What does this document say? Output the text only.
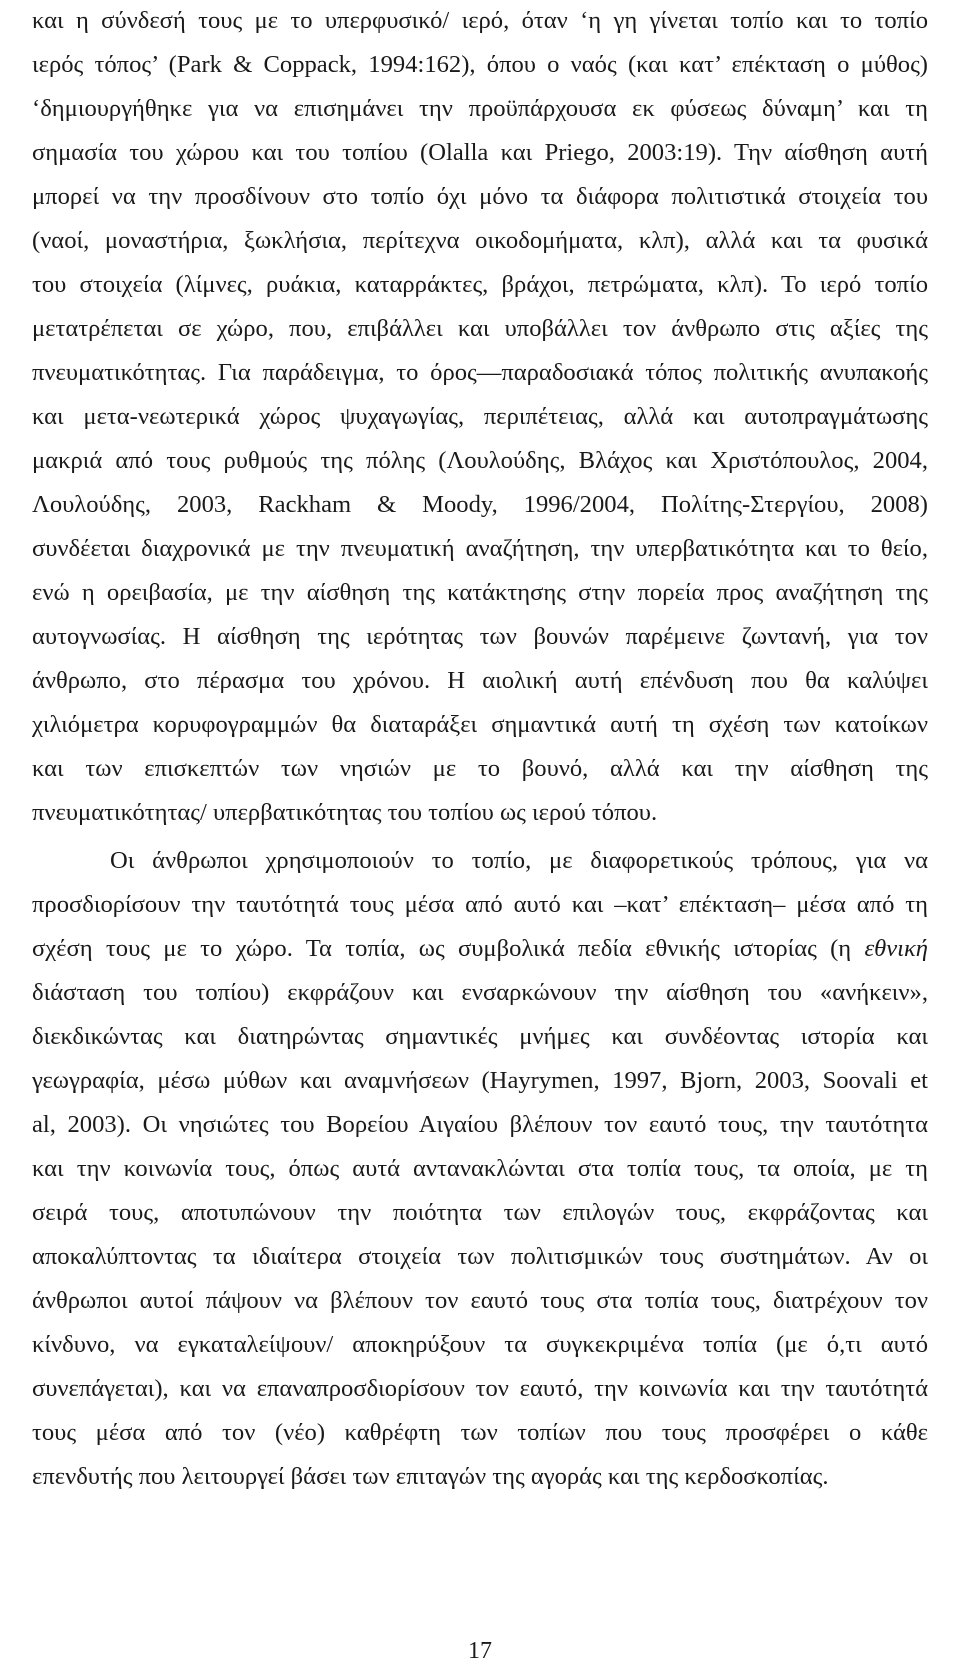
και η σύνδεσή τους με το υπερφυσικό/ ιερό, όταν ‘η γη γίνεται τοπίο και το τοπίο
ιερός τόπος’ (Park & Coppack, 1994:162), όπου ο ναός (και κατ’ επέκταση ο μύθος)
‘δημιουργήθηκε για να επισημάνει την προϋπάρχουσα εκ φύσεως δύναμη’ και τη
σημασία του χώρου και του τοπίου (Olalla και Priego, 2003:19). Την αίσθηση αυτή
μπορεί να την προσδίνουν στο τοπίο όχι μόνο τα διάφορα πολιτιστικά στοιχεία του
(ναοί, μοναστήρια, ξωκλήσια, περίτεχνα οικοδομήματα, κλπ), αλλά και τα φυσικά
του στοιχεία (λίμνες, ρυάκια, καταρράκτες, βράχοι, πετρώματα, κλπ). Το ιερό τοπίο
μετατρέπεται σε χώρο, που, επιβάλλει και υποβάλλει τον άνθρωπο στις αξίες της
πνευματικότητας. Για παράδειγμα, το όρος—παραδοσιακά τόπος πολιτικής ανυπακοής
και μετα-νεωτερικά χώρος ψυχαγωγίας, περιπέτειας, αλλά και αυτοπραγμάτωσης
μακριά από τους ρυθμούς της πόλης (Λουλούδης, Βλάχος και Χριστόπουλος, 2004,
Λουλούδης, 2003, Rackham & Moody, 1996/2004, Πολίτης-Στεργίου, 2008)
συνδέεται διαχρονικά με την πνευματική αναζήτηση, την υπερβατικότητα και το θείο,
ενώ η ορειβασία, με την αίσθηση της κατάκτησης στην πορεία προς αναζήτηση της
αυτογνωσίας. Η αίσθηση της ιερότητας των βουνών παρέμεινε ζωντανή, για τον
άνθρωπο, στο πέρασμα του χρόνου. Η αιολική αυτή επένδυση που θα καλύψει
χιλιόμετρα κορυφογραμμών θα διαταράξει σημαντικά αυτή τη σχέση των κατοίκων
και των επισκεπτών των νησιών με το βουνό, αλλά και την αίσθηση της
πνευματικότητας/ υπερβατικότητας του τοπίου ως ιερού τόπου.
Οι άνθρωποι χρησιμοποιούν το τοπίο, με διαφορετικούς τρόπους, για να
προσδιορίσουν την ταυτότητά τους μέσα από αυτό και –κατ’ επέκταση– μέσα από τη
σχέση τους με το χώρο. Τα τοπία, ως συμβολικά πεδία εθνικής ιστορίας (η εθνική
διάσταση του τοπίου) εκφράζουν και ενσαρκώνουν την αίσθηση του «ανήκειν»,
διεκδικώντας και διατηρώντας σημαντικές μνήμες και συνδέοντας ιστορία και
γεωγραφία, μέσω μύθων και αναμνήσεων (Hayrymen, 1997, Bjorn, 2003, Soovali et
al, 2003). Οι νησιώτες του Βορείου Αιγαίου βλέπουν τον εαυτό τους, την ταυτότητα
και την κοινωνία τους, όπως αυτά αντανακλώνται στα τοπία τους, τα οποία, με τη
σειρά τους, αποτυπώνουν την ποιότητα των επιλογών τους, εκφράζοντας και
αποκαλύπτοντας τα ιδιαίτερα στοιχεία των πολιτισμικών τους συστημάτων. Αν οι
άνθρωποι αυτοί πάψουν να βλέπουν τον εαυτό τους στα τοπία τους, διατρέχουν τον
κίνδυνο, να εγκαταλείψουν/ αποκηρύξουν τα συγκεκριμένα τοπία (με ό,τι αυτό
συνεπάγεται), και να επαναπροσδιορίσουν τον εαυτό, την κοινωνία και την ταυτότητά
τους μέσα από τον (νέο) καθρέφτη των τοπίων που τους προσφέρει ο κάθε
επενδυτής που λειτουργεί βάσει των επιταγών της αγοράς και της κερδοσκοπίας.
17
